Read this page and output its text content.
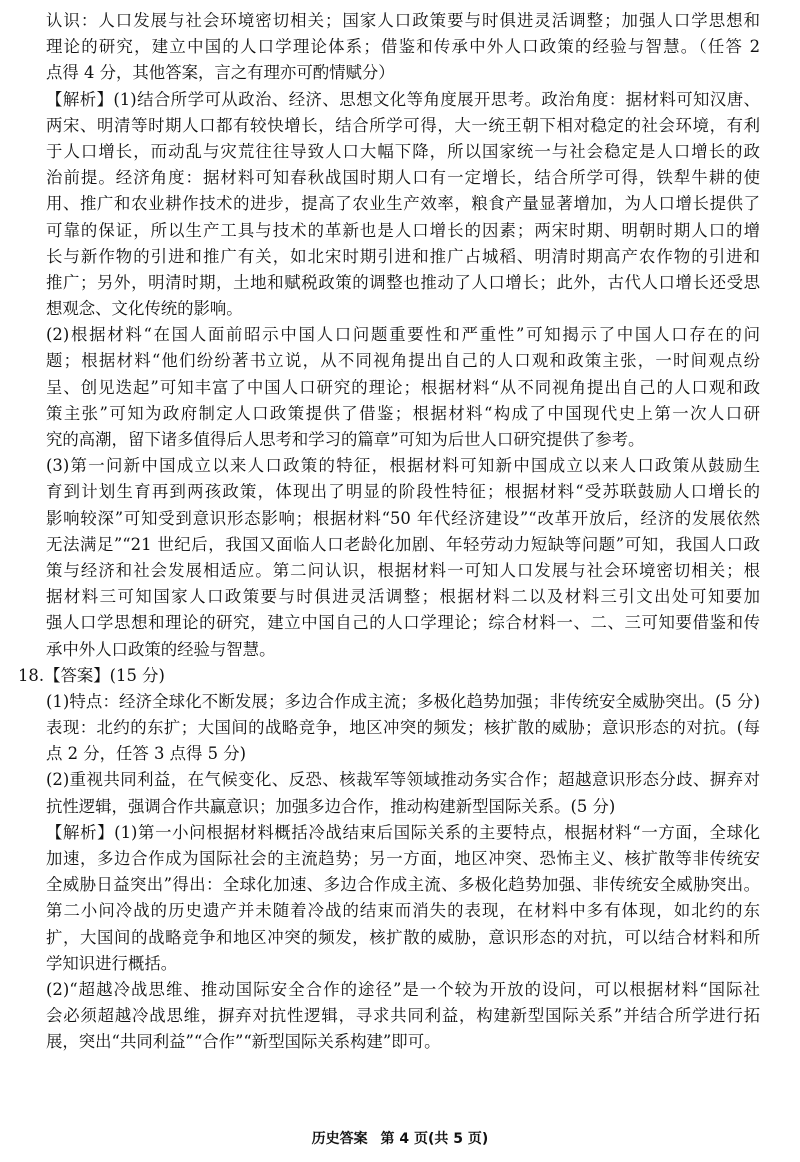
认识：人口发展与社会环境密切相关；国家人口政策要与时俱进灵活调整；加强人口学思想和
理论的研究，建立中国的人口学理论体系；借鉴和传承中外人口政策的经验与智慧。（任答 2
点得 4 分，其他答案，言之有理亦可酌情赋分）
【解析】(1)结合所学可从政治、经济、思想文化等角度展开思考。政治角度：据材料可知汉唐、
两宋、明清等时期人口都有较快增长，结合所学可得，大一统王朝下相对稳定的社会环境，有利
于人口增长，而动乱与灾荒往往导致人口大幅下降，所以国家统一与社会稳定是人口增长的政
治前提。经济角度：据材料可知春秋战国时期人口有一定增长，结合所学可得，铁犁牛耕的使
用、推广和农业耕作技术的进步，提高了农业生产效率，粮食产量显著增加，为人口增长提供了
可靠的保证，所以生产工具与技术的革新也是人口增长的因素；两宋时期、明朝时期人口的增
长与新作物的引进和推广有关，如北宋时期引进和推广占城稻、明清时期高产农作物的引进和
推广；另外，明清时期，土地和赋税政策的调整也推动了人口增长；此外，古代人口增长还受思
想观念、文化传统的影响。
(2)根据材料“在国人面前昭示中国人口问题重要性和严重性”可知揭示了中国人口存在的问
题；根据材料“他们纷纷著书立说，从不同视角提出自己的人口观和政策主张，一时间观点纷
呈、创见迭起”可知丰富了中国人口研究的理论；根据材料“从不同视角提出自己的人口观和政
策主张”可知为政府制定人口政策提供了借鉴；根据材料“构成了中国现代史上第一次人口研
究的高潮，留下诸多值得后人思考和学习的篇章”可知为后世人口研究提供了参考。
(3)第一问新中国成立以来人口政策的特征，根据材料可知新中国成立以来人口政策从鼓励生
育到计划生育再到两孩政策，体现出了明显的阶段性特征；根据材料“受苏联鼓励人口增长的
影响较深”可知受到意识形态影响；根据材料“50 年代经济建设”“改革开放后，经济的发展依然
无法满足”“21 世纪后，我国又面临人口老龄化加剧、年轻劳动力短缺等问题”可知，我国人口政
策与经济和社会发展相适应。第二问认识，根据材料一可知人口发展与社会环境密切相关；根
据材料三可知国家人口政策要与时俱进灵活调整；根据材料二以及材料三引文出处可知要加
强人口学思想和理论的研究，建立中国自己的人口学理论；综合材料一、二、三可知要借鉴和传
承中外人口政策的经验与智慧。
18.【答案】(15 分)
(1)特点：经济全球化不断发展；多边合作成主流；多极化趋势加强；非传统安全威胁突出。(5 分)
表现：北约的东扩；大国间的战略竞争，地区冲突的频发；核扩散的威胁；意识形态的对抗。(每
点 2 分，任答 3 点得 5 分)
(2)重视共同利益，在气候变化、反恐、核裁军等领域推动务实合作；超越意识形态分歧、摒弃对
抗性逻辑，强调合作共赢意识；加强多边合作，推动构建新型国际关系。(5 分)
【解析】(1)第一小问根据材料概括冷战结束后国际关系的主要特点，根据材料“一方面，全球化
加速，多边合作成为国际社会的主流趋势；另一方面，地区冲突、恐怖主义、核扩散等非传统安
全威胁日益突出”得出：全球化加速、多边合作成主流、多极化趋势加强、非传统安全威胁突出。
第二小问冷战的历史遗产并未随着冷战的结束而消失的表现，在材料中多有体现，如北约的东
扩，大国间的战略竞争和地区冲突的频发，核扩散的威胁，意识形态的对抗，可以结合材料和所
学知识进行概括。
(2)“超越冷战思维、推动国际安全合作的途径”是一个较为开放的设问，可以根据材料“国际社
会必须超越冷战思维，摒弃对抗性逻辑，寻求共同利益，构建新型国际关系”并结合所学进行拓
展，突出“共同利益”“合作”“新型国际关系构建”即可。
历史答案 第 4 页(共 5 页)
